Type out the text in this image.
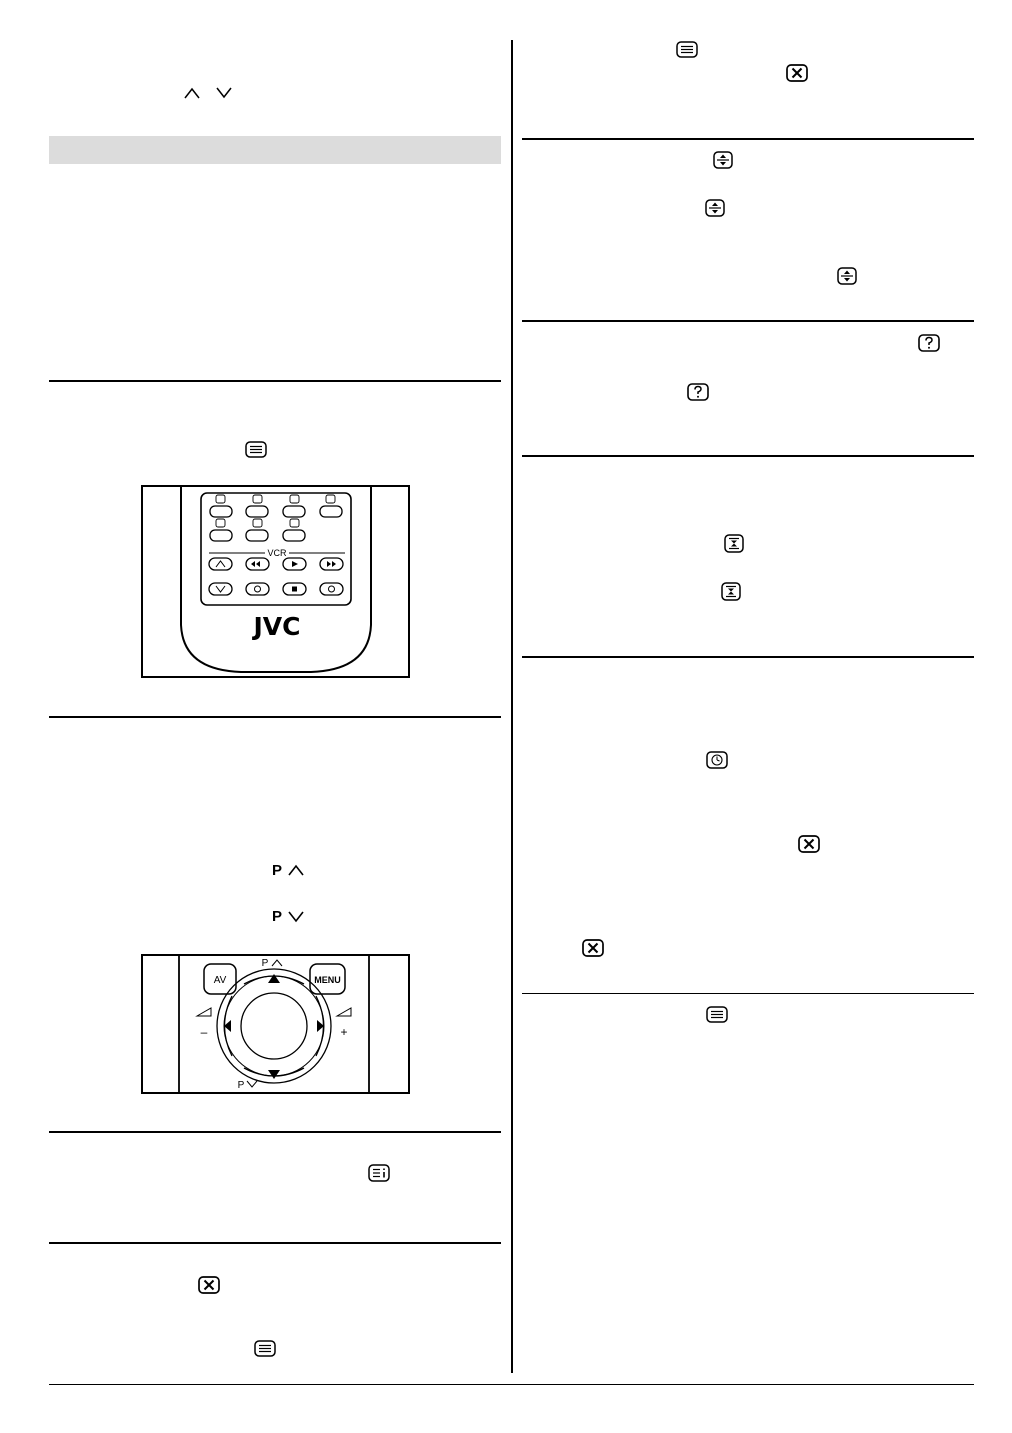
VCR
JVC
P
P
AV	MENU
P
P
–	+
